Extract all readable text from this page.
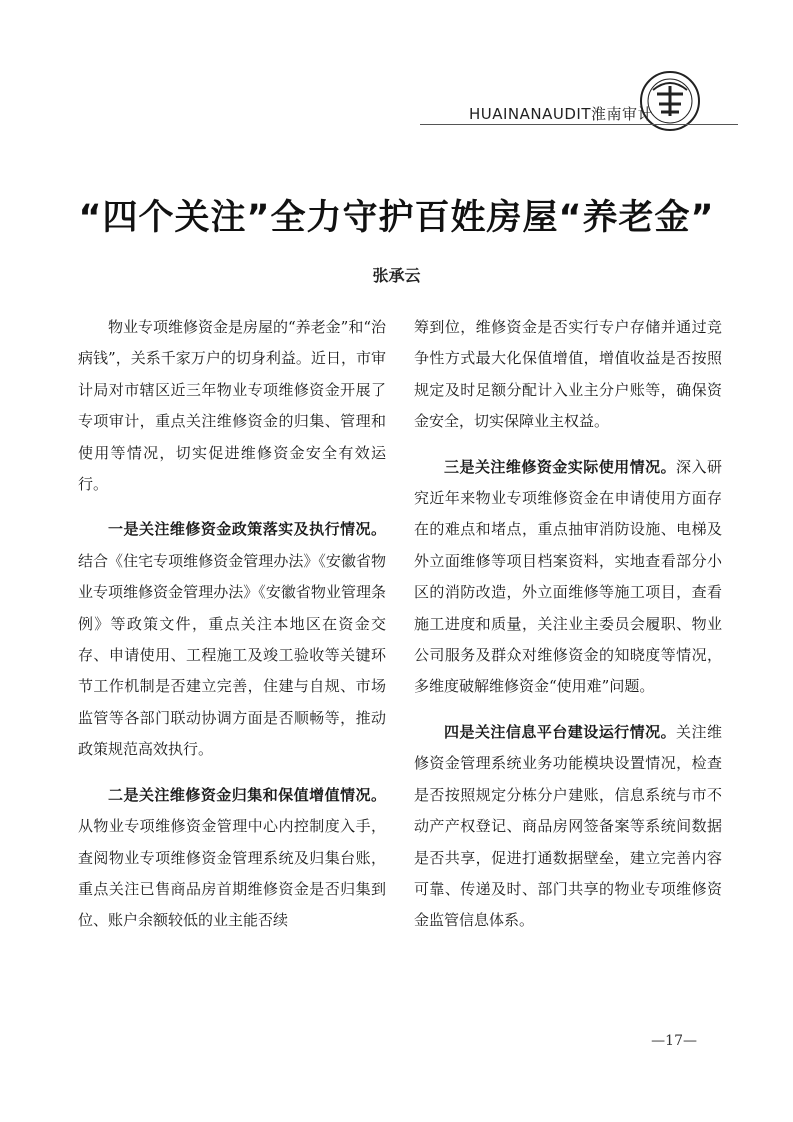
HUAINANAUDIT淮南审计
“四个关注”全力守护百姓房屋“养老金”
张承云

物业专项维修资金是房屋的“养老金”和“治病钱”，关系千家万户的切身利益。近日，市审计局对市辖区近三年物业专项维修资金开展了专项审计，重点关注维修资金的归集、管理和使用等情况，切实促进维修资金安全有效运行。

一是关注维修资金政策落实及执行情况。结合《住宅专项维修资金管理办法》《安徽省物业专项维修资金管理办法》《安徽省物业管理条例》等政策文件，重点关注本地区在资金交存、申请使用、工程施工及竣工验收等关键环节工作机制是否建立完善，住建与自规、市场监管等各部门联动协调方面是否顺畅等，推动政策规范高效执行。

二是关注维修资金归集和保值增值情况。从物业专项维修资金管理中心内控制度入手，查阅物业专项维修资金管理系统及归集台账，重点关注已售商品房首期维修资金是否归集到位、账户余额较低的业主能否续

筹到位，维修资金是否实行专户存储并通过竞争性方式最大化保值增值，增值收益是否按照规定及时足额分配计入业主分户账等，确保资金安全，切实保障业主权益。

三是关注维修资金实际使用情况。深入研究近年来物业专项维修资金在申请使用方面存在的难点和堵点，重点抽审消防设施、电梯及外立面维修等项目档案资料，实地查看部分小区的消防改造，外立面维修等施工项目，查看施工进度和质量，关注业主委员会履职、物业公司服务及群众对维修资金的知晓度等情况，多维度破解维修资金“使用难”问题。

四是关注信息平台建设运行情况。关注维修资金管理系统业务功能模块设置情况，检查是否按照规定分栋分户建账，信息系统与市不动产产权登记、商品房网签备案等系统间数据是否共享，促进打通数据壁垒，建立完善内容可靠、传递及时、部门共享的物业专项维修资金监管信息体系。

—17—
